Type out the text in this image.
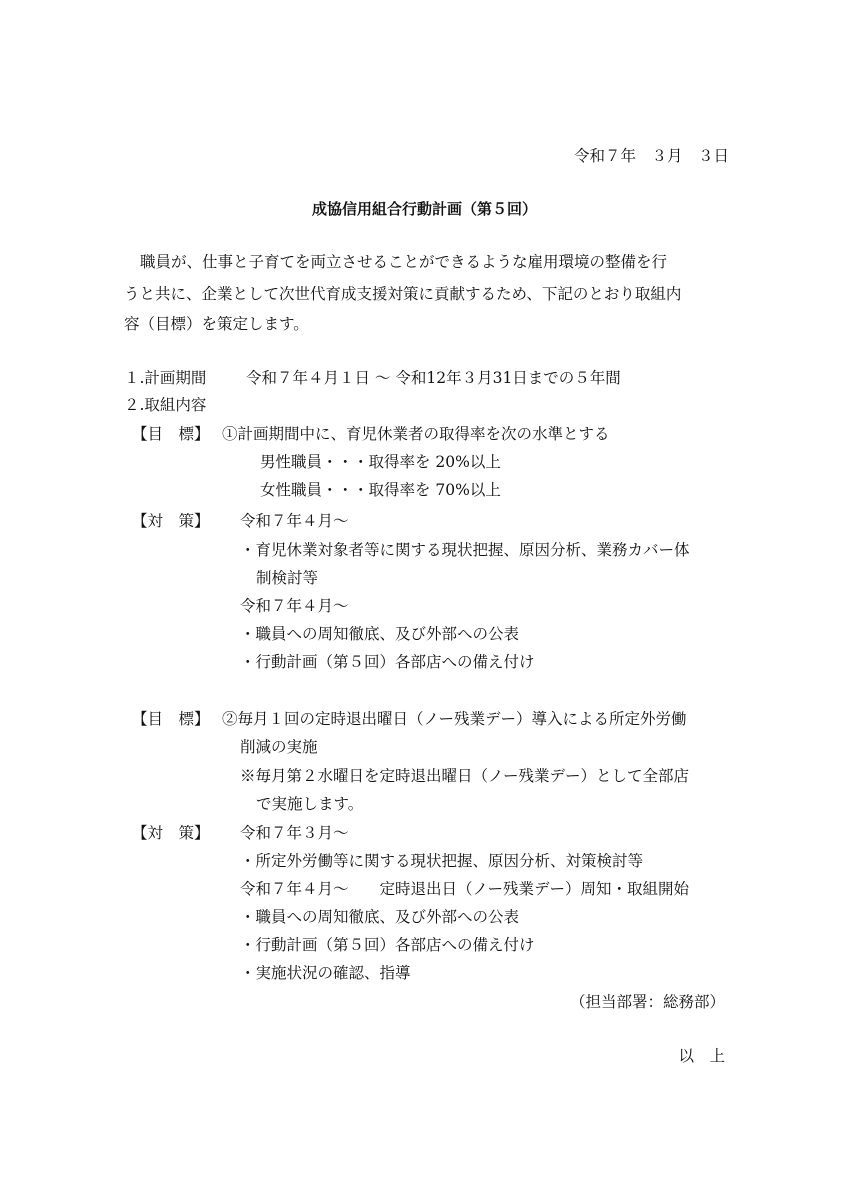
令和７年　３月　３日
成協信用組合行動計画（第５回）
職員が、仕事と子育てを両立させることができるような雇用環境の整備を行
うと共に、企業として次世代育成支援対策に貢献するため、下記のとおり取組内
容（目標）を策定します。
１.計画期間	令和７年４月１日 〜 令和12年３月31日までの５年間
２.取組内容
【目　標】 ①計画期間中に、育児休業者の取得率を次の水準とする
男性職員・・・取得率を 20%以上
女性職員・・・取得率を 70%以上
【対　策】 令和７年４月〜
・育児休業対象者等に関する現状把握、原因分析、業務カバー体
制検討等
令和７年４月〜
・職員への周知徹底、及び外部への公表
・行動計画（第５回）各部店への備え付け
【目　標】 ②毎月１回の定時退出曜日（ノー残業デー）導入による所定外労働
削減の実施
※毎月第２水曜日を定時退出曜日（ノー残業デー）として全部店
で実施します。
【対　策】 令和７年３月〜
・所定外労働等に関する現状把握、原因分析、対策検討等
令和７年４月〜　　定時退出日（ノー残業デー）周知・取組開始
・職員への周知徹底、及び外部への公表
・行動計画（第５回）各部店への備え付け
・実施状況の確認、指導
（担当部署：総務部）
以　上
